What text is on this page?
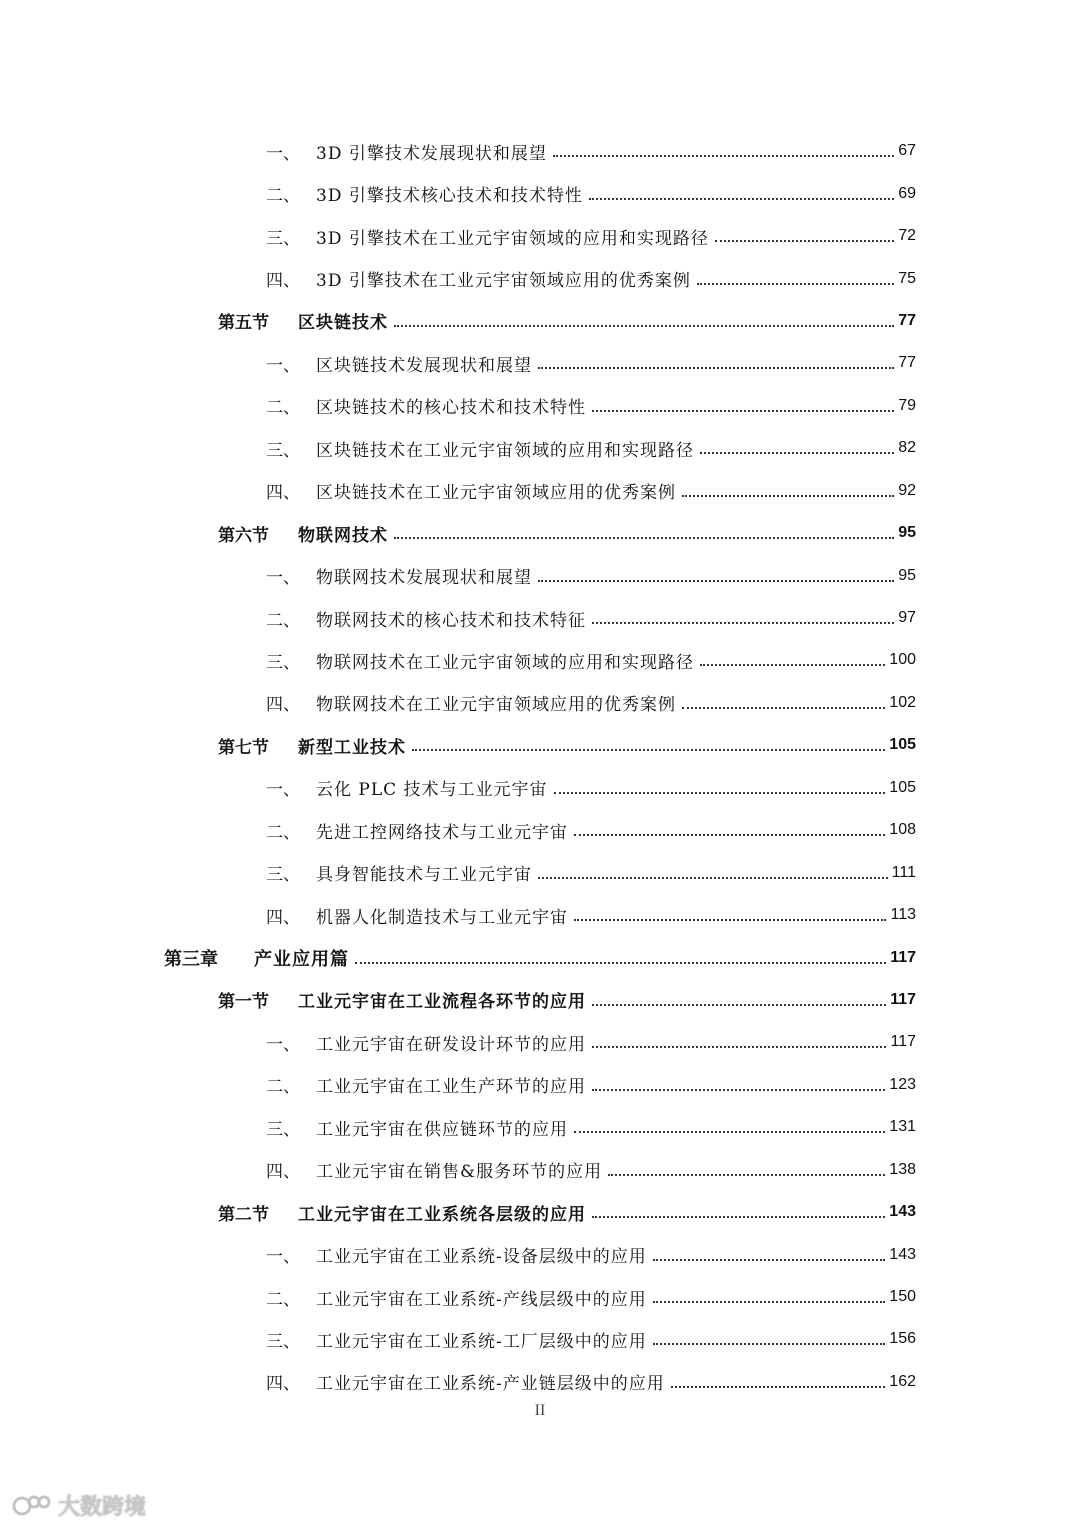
一、 3D 引擎技术发展现状和展望	67
二、 3D 引擎技术核心技术和技术特性	69
三、 3D 引擎技术在工业元宇宙领域的应用和实现路径	72
四、 3D 引擎技术在工业元宇宙领域应用的优秀案例	75
第五节	区块链技术	77
一、 区块链技术发展现状和展望	77
二、 区块链技术的核心技术和技术特性	79
三、 区块链技术在工业元宇宙领域的应用和实现路径	82
四、 区块链技术在工业元宇宙领域应用的优秀案例	92
第六节	物联网技术	95
一、 物联网技术发展现状和展望	95
二、 物联网技术的核心技术和技术特征	97
三、 物联网技术在工业元宇宙领域的应用和实现路径	100
四、 物联网技术在工业元宇宙领域应用的优秀案例	102
第七节	新型工业技术	105
一、 云化 PLC 技术与工业元宇宙	105
二、 先进工控网络技术与工业元宇宙	108
三、 具身智能技术与工业元宇宙	111
四、 机器人化制造技术与工业元宇宙	113
第三章	产业应用篇	117
第一节	工业元宇宙在工业流程各环节的应用	117
一、 工业元宇宙在研发设计环节的应用	117
二、 工业元宇宙在工业生产环节的应用	123
三、 工业元宇宙在供应链环节的应用	131
四、 工业元宇宙在销售&服务环节的应用	138
第二节	工业元宇宙在工业系统各层级的应用	143
一、 工业元宇宙在工业系统-设备层级中的应用	143
二、 工业元宇宙在工业系统-产线层级中的应用	150
三、 工业元宇宙在工业系统-工厂层级中的应用	156
四、 工业元宇宙在工业系统-产业链层级中的应用	162
II
大数跨境
